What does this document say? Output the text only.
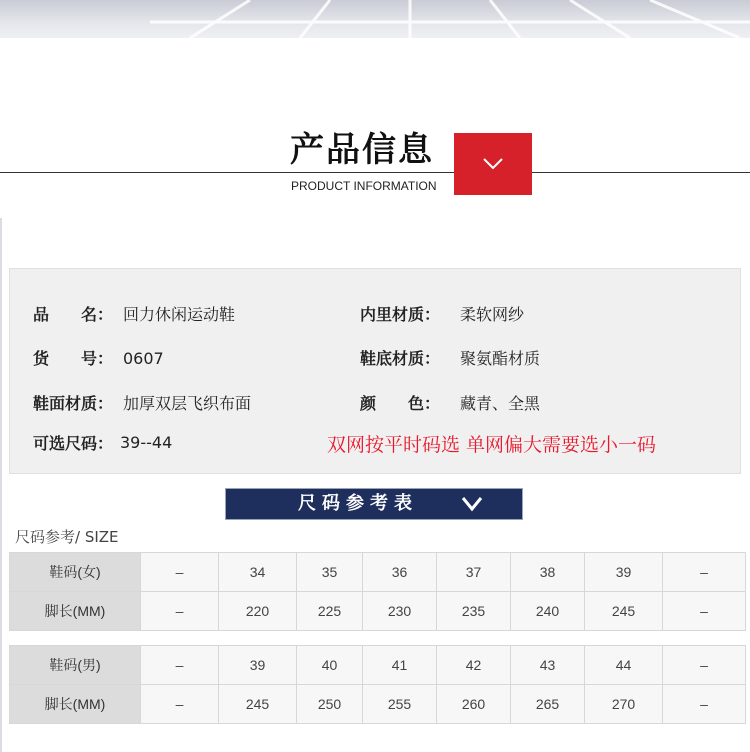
产品信息
PRODUCT INFORMATION
品　　名： 回力休闲运动鞋	内里材质： 柔软网纱
货　　号： 0607	鞋底材质： 聚氨酯材质
鞋面材质： 加厚双层飞织布面	颜　　色： 藏青、全黑
可选尺码： 39--44	双网按平时码选 单网偏大需要选小一码
尺码参考表
尺码参考/ SIZE
鞋码(女)	–	34	35	36	37	38	39	–
脚长(MM)	–	220	225	230	235	240	245	–
鞋码(男)	–	39	40	41	42	43	44	–
脚长(MM)	–	245	250	255	260	265	270	–
